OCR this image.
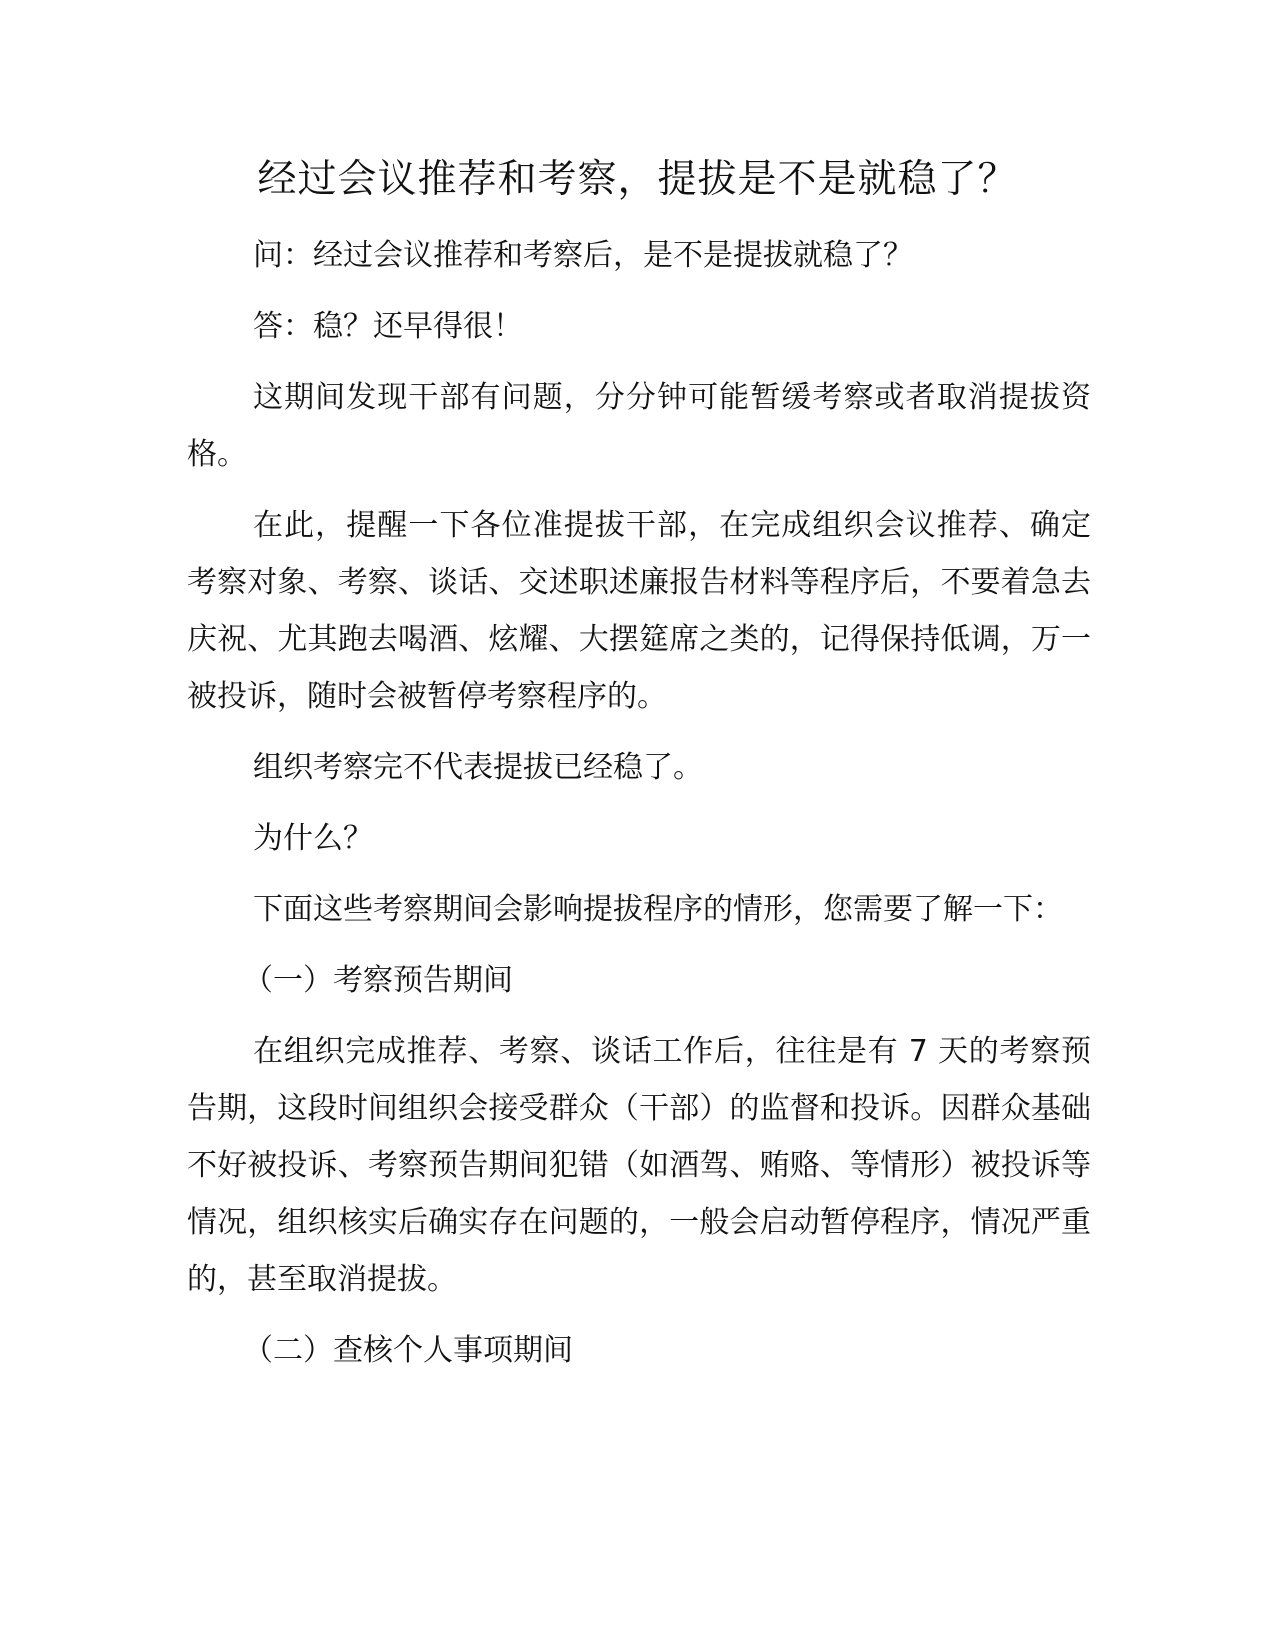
经过会议推荐和考察，提拔是不是就稳了？

问：经过会议推荐和考察后，是不是提拔就稳了？

答：稳？还早得很！

这期间发现干部有问题，分分钟可能暂缓考察或者取消提拔资格。

在此，提醒一下各位准提拔干部，在完成组织会议推荐、确定考察对象、考察、谈话、交述职述廉报告材料等程序后，不要着急去庆祝、尤其跑去喝酒、炫耀、大摆筵席之类的，记得保持低调，万一被投诉，随时会被暂停考察程序的。

组织考察完不代表提拔已经稳了。

为什么？

下面这些考察期间会影响提拔程序的情形，您需要了解一下：

（一）考察预告期间

在组织完成推荐、考察、谈话工作后，往往是有 7 天的考察预告期，这段时间组织会接受群众（干部）的监督和投诉。因群众基础不好被投诉、考察预告期间犯错（如酒驾、贿赂、等情形）被投诉等情况，组织核实后确实存在问题的，一般会启动暂停程序，情况严重的，甚至取消提拔。

（二）查核个人事项期间
